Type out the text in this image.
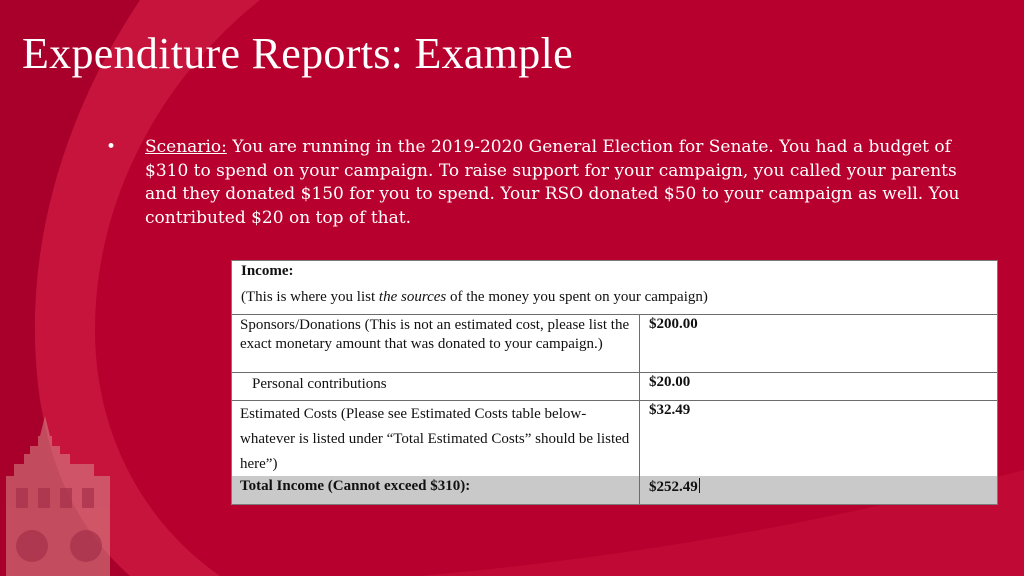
Expenditure Reports: Example
• Scenario: You are running in the 2019-2020 General Election for Senate. You had a budget of $310 to spend on your campaign. To raise support for your campaign, you called your parents and they donated $150 for you to spend. Your RSO donated $50 to your campaign as well. You contributed $20 on top of that.
Income:
(This is where you list the sources of the money you spent on your campaign)
Sponsors/Donations (This is not an estimated cost, please list the exact monetary amount that was donated to your campaign.)
$200.00
Personal contributions	$20.00
Estimated Costs (Please see Estimated Costs table below-whatever is listed under “Total Estimated Costs” should be listed here”)
$32.49
Total Income (Cannot exceed $310):	$252.49
